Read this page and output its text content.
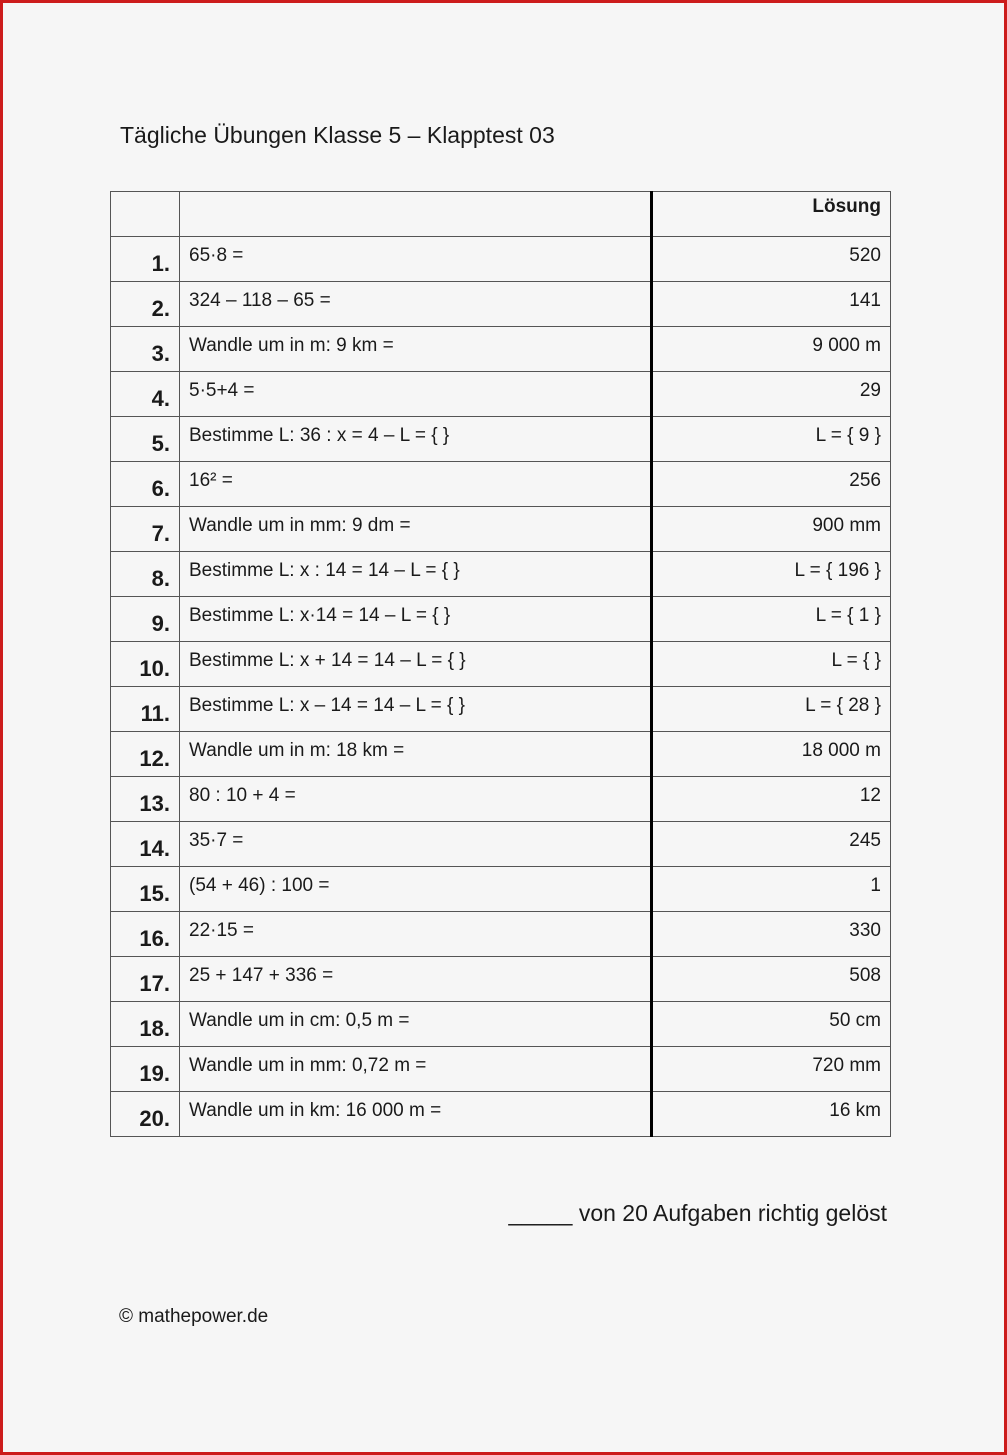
Tägliche Übungen Klasse 5 – Klapptest 03
		Lösung
1.	65·8 =	520
2.	324 – 118 – 65 =	141
3.	Wandle um in m: 9 km =	9 000 m
4.	5·5+4 =	29
5.	Bestimme L: 36 : x = 4 – L = { }	L = { 9 }
6.	16² =	256
7.	Wandle um in mm: 9 dm =	900 mm
8.	Bestimme L: x : 14 = 14 – L = { }	L = { 196 }
9.	Bestimme L: x·14 = 14 – L = { }	L = { 1 }
10.	Bestimme L: x + 14 = 14 – L = { }	L = { }
11.	Bestimme L: x – 14 = 14 – L = { }	L = { 28 }
12.	Wandle um in m: 18 km =	18 000 m
13.	80 : 10 + 4 =	12
14.	35·7 =	245
15.	(54 + 46) : 100 =	1
16.	22·15 =	330
17.	25 + 147 + 336 =	508
18.	Wandle um in cm: 0,5 m =	50 cm
19.	Wandle um in mm: 0,72 m =	720 mm
20.	Wandle um in km: 16 000 m =	16 km
_____ von 20 Aufgaben richtig gelöst
© mathepower.de
